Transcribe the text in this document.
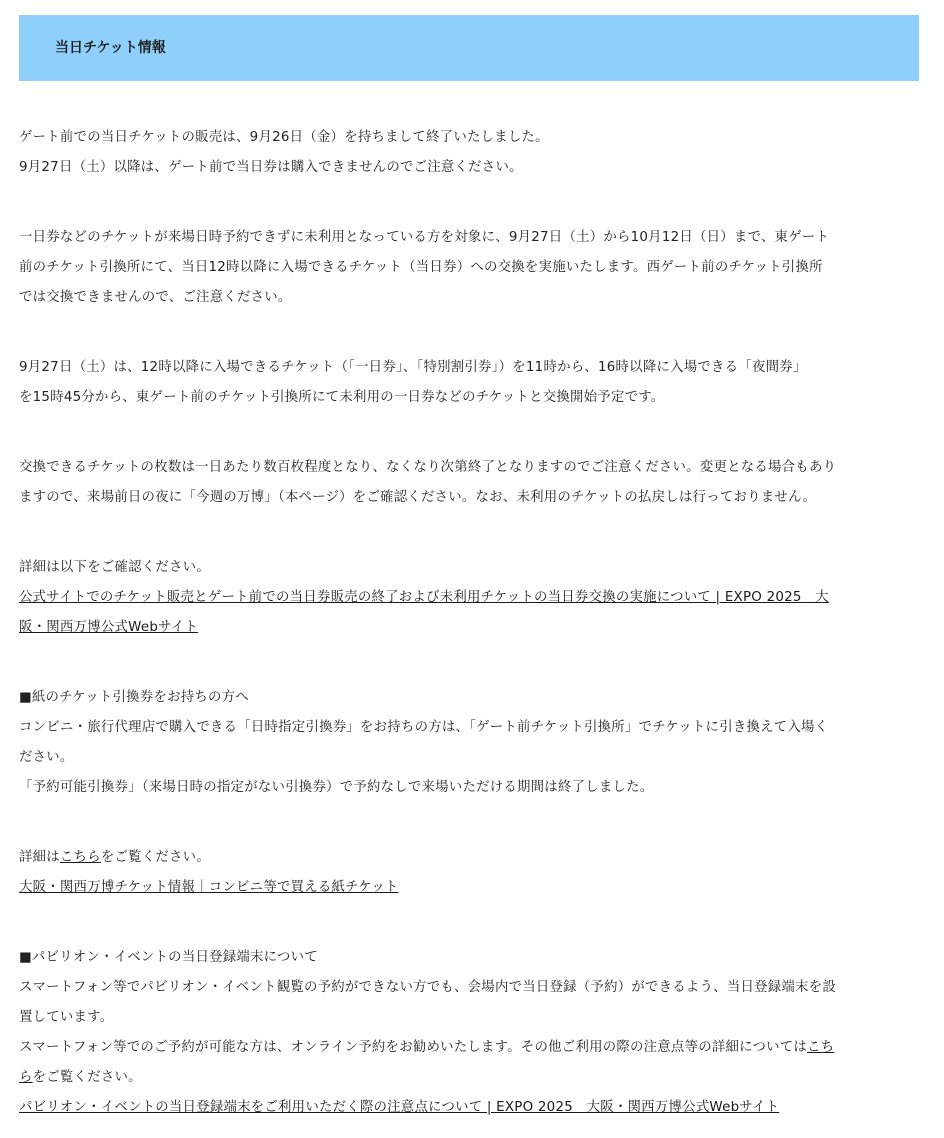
当日チケット情報
ゲート前での当日チケットの販売は、9月26日（金）を持ちまして終了いたしました。
9月27日（土）以降は、ゲート前で当日券は購入できませんのでご注意ください。
一日券などのチケットが来場日時予約できずに未利用となっている方を対象に、9月27日（土）から10月12日（日）まで、東ゲート
前のチケット引換所にて、当日12時以降に入場できるチケット（当日券）への交換を実施いたします。西ゲート前のチケット引換所
では交換できませんので、ご注意ください。
9月27日（土）は、12時以降に入場できるチケット（「一日券」、「特別割引券」）を11時から、16時以降に入場できる「夜間券」
を15時45分から、東ゲート前のチケット引換所にて未利用の一日券などのチケットと交換開始予定です。
交換できるチケットの枚数は一日あたり数百枚程度となり、なくなり次第終了となりますのでご注意ください。変更となる場合もあり
ますので、来場前日の夜に「今週の万博」（本ページ）をご確認ください。なお、未利用のチケットの払戻しは行っておりません。
詳細は以下をご確認ください。
公式サイトでのチケット販売とゲート前での当日券販売の終了および未利用チケットの当日券交換の実施について | EXPO 2025　大
阪・関西万博公式Webサイト
■紙のチケット引換券をお持ちの方へ
コンビニ・旅行代理店で購入できる「日時指定引換券」をお持ちの方は、「ゲート前チケット引換所」でチケットに引き換えて入場く
ださい。
「予約可能引換券」（来場日時の指定がない引換券）で予約なしで来場いただける期間は終了しました。
詳細はこちらをご覧ください。
大阪・関西万博チケット情報｜コンビニ等で買える紙チケット
■パビリオン・イベントの当日登録端末について
スマートフォン等でパビリオン・イベント観覧の予約ができない方でも、会場内で当日登録（予約）ができるよう、当日登録端末を設
置しています。
スマートフォン等でのご予約が可能な方は、オンライン予約をお勧めいたします。その他ご利用の際の注意点等の詳細についてはこち
らをご覧ください。
パビリオン・イベントの当日登録端末をご利用いただく際の注意点について | EXPO 2025　大阪・関西万博公式Webサイト
